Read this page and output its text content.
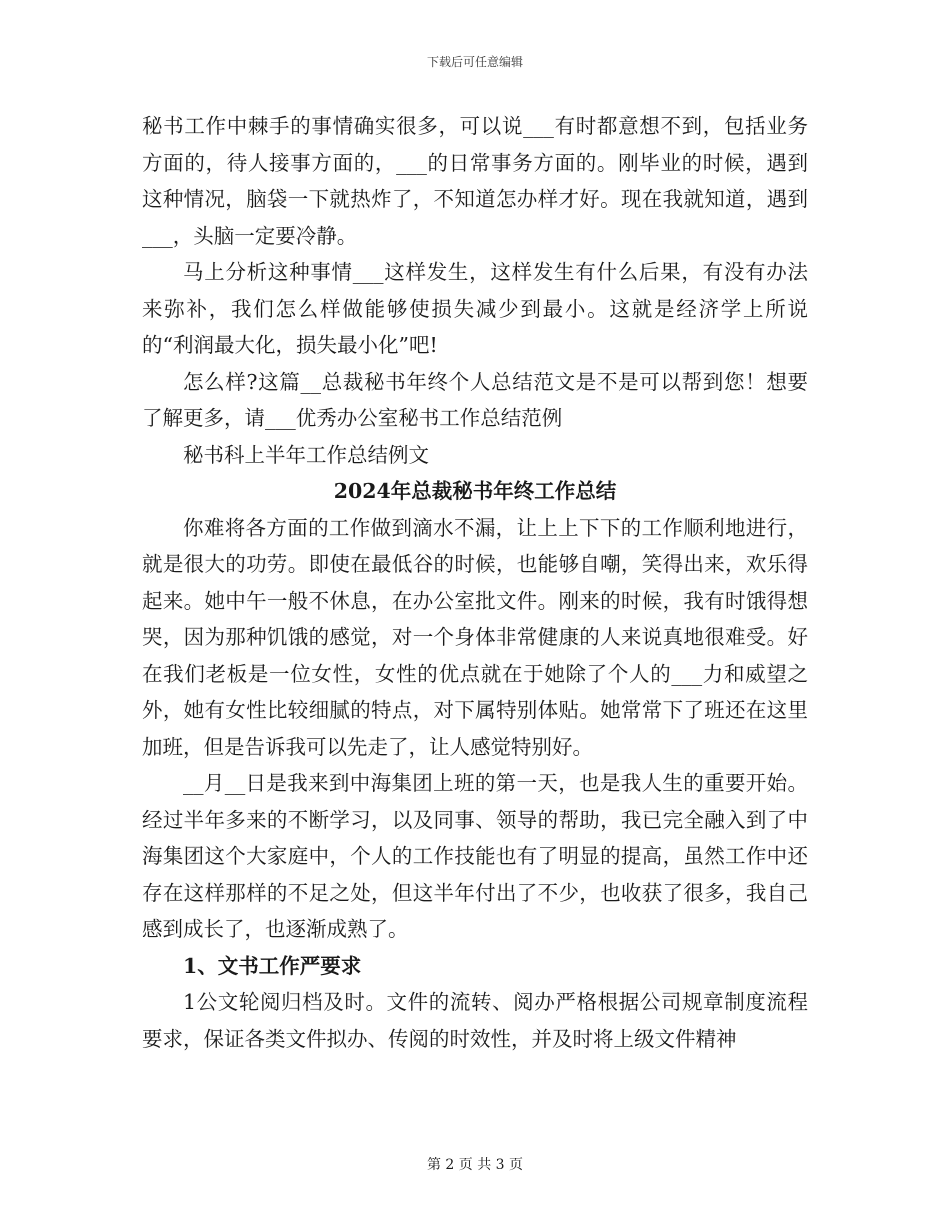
下载后可任意编辑

秘书工作中棘手的事情确实很多，可以说___有时都意想不到，包括业务方面的，待人接事方面的，___的日常事务方面的。刚毕业的时候，遇到这种情况，脑袋一下就热炸了，不知道怎办样才好。现在我就知道，遇到___，头脑一定要冷静。

马上分析这种事情___这样发生，这样发生有什么后果，有没有办法来弥补，我们怎么样做能够使损失减少到最小。这就是经济学上所说的“利润最大化，损失最小化”吧!

怎么样?这篇__总裁秘书年终个人总结范文是不是可以帮到您！想要了解更多，请___优秀办公室秘书工作总结范例

秘书科上半年工作总结例文

2024年总裁秘书年终工作总结

你难将各方面的工作做到滴水不漏，让上上下下的工作顺利地进行，就是很大的功劳。即使在最低谷的时候，也能够自嘲，笑得出来，欢乐得起来。她中午一般不休息，在办公室批文件。刚来的时候，我有时饿得想哭，因为那种饥饿的感觉，对一个身体非常健康的人来说真地很难受。好在我们老板是一位女性，女性的优点就在于她除了个人的___力和威望之外，她有女性比较细腻的特点，对下属特别体贴。她常常下了班还在这里加班，但是告诉我可以先走了，让人感觉特别好。

__月__日是我来到中海集团上班的第一天，也是我人生的重要开始。经过半年多来的不断学习，以及同事、领导的帮助，我已完全融入到了中海集团这个大家庭中，个人的工作技能也有了明显的提高，虽然工作中还存在这样那样的不足之处，但这半年付出了不少，也收获了很多，我自己感到成长了，也逐渐成熟了。

1、文书工作严要求

1公文轮阅归档及时。文件的流转、阅办严格根据公司规章制度流程要求，保证各类文件拟办、传阅的时效性，并及时将上级文件精神

第 2 页 共 3 页
